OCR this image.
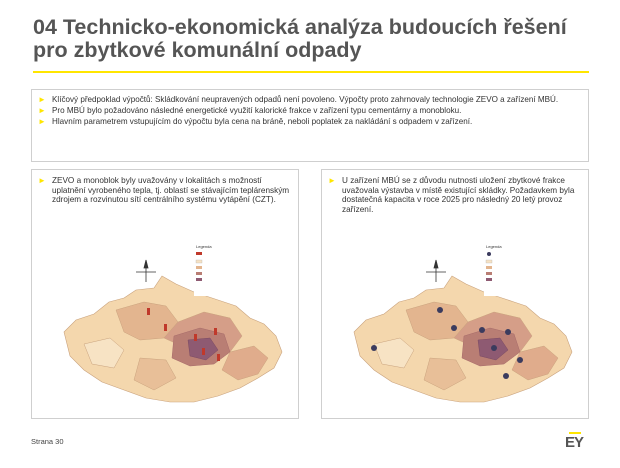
04 Technicko-ekonomická analýza budoucích řešení pro zbytkové komunální odpady
► Klíčový předpoklad výpočtů: Skládkování neupravených odpadů není povoleno. Výpočty proto zahrnovaly technologie ZEVO a zařízení MBÚ.
► Pro MBÚ bylo požadováno následné energetické využití kalorické frakce v zařízení typu cementárny a monobloku.
► Hlavním parametrem vstupujícím do výpočtu byla cena na bráně, neboli poplatek za nakládání s odpadem v zařízení.
► ZEVO a monoblok byly uvažovány v lokalitách s možností uplatnění vyrobeného tepla, tj. oblastí se stávajícím teplárenským zdrojem a rozvinutou sítí centrálního systému vytápění (CZT).

Legenda
► U zařízení MBÚ se z důvodu nutnosti uložení zbytkové frakce uvažovala výstavba v místě existující skládky. Požadavkem byla dostatečná kapacita v roce 2025 pro následný 20 letý provoz zařízení.

Legenda
Strana 30	EY
